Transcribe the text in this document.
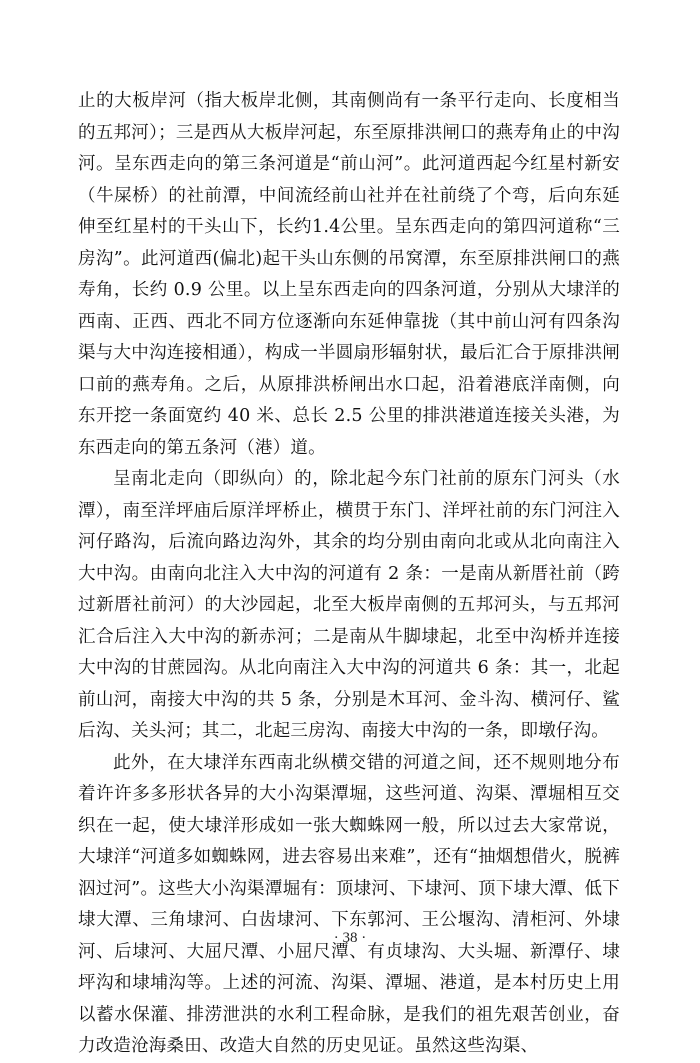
止的大板岸河（指大板岸北侧，其南侧尚有一条平行走向、长度相当的五邦河）；三是西从大板岸河起，东至原排洪闸口的燕寿角止的中沟河。呈东西走向的第三条河道是“前山河”。此河道西起今红星村新安（牛屎桥）的社前潭，中间流经前山社并在社前绕了个弯，后向东延伸至红星村的干头山下，长约1.4公里。呈东西走向的第四河道称“三房沟”。此河道西(偏北)起干头山东侧的吊窝潭，东至原排洪闸口的燕寿角，长约 0.9 公里。以上呈东西走向的四条河道，分别从大埭洋的西南、正西、西北不同方位逐渐向东延伸靠拢（其中前山河有四条沟渠与大中沟连接相通），构成一半圆扇形辐射状，最后汇合于原排洪闸口前的燕寿角。之后，从原排洪桥闸出水口起，沿着港底洋南侧，向东开挖一条面宽约 40 米、总长 2.5 公里的排洪港道连接关头港，为东西走向的第五条河（港）道。

呈南北走向（即纵向）的，除北起今东门社前的原东门河头（水潭），南至洋坪庙后原洋坪桥止，横贯于东门、洋坪社前的东门河注入河仔路沟，后流向路边沟外，其余的均分别由南向北或从北向南注入大中沟。由南向北注入大中沟的河道有 2 条：一是南从新厝社前（跨过新厝社前河）的大沙园起，北至大板岸南侧的五邦河头，与五邦河汇合后注入大中沟的新赤河；二是南从牛脚埭起，北至中沟桥并连接大中沟的甘蔗园沟。从北向南注入大中沟的河道共 6 条：其一，北起前山河，南接大中沟的共 5 条，分别是木耳河、金斗沟、横河仔、鲨后沟、关头河；其二，北起三房沟、南接大中沟的一条，即墩仔沟。

此外，在大埭洋东西南北纵横交错的河道之间，还不规则地分布着许许多多形状各异的大小沟渠潭堀，这些河道、沟渠、潭堀相互交织在一起，使大埭洋形成如一张大蜘蛛网一般，所以过去大家常说，大埭洋“河道多如蜘蛛网，进去容易出来难”，还有“抽烟想借火，脱裤泅过河”。这些大小沟渠潭堀有：顶埭河、下埭河、顶下埭大潭、低下埭大潭、三角埭河、白齿埭河、下东郭河、王公堰沟、清柜河、外埭河、后埭河、大屈尺潭、小屈尺潭、有贞埭沟、大头堀、新潭仔、埭坪沟和埭埔沟等。上述的河流、沟渠、潭堀、港道，是本村历史上用以蓄水保灌、排涝泄洪的水利工程命脉，是我们的祖先艰苦创业，奋力改造沧海桑田、改造大自然的历史见证。虽然这些沟渠、

· 38 ·
